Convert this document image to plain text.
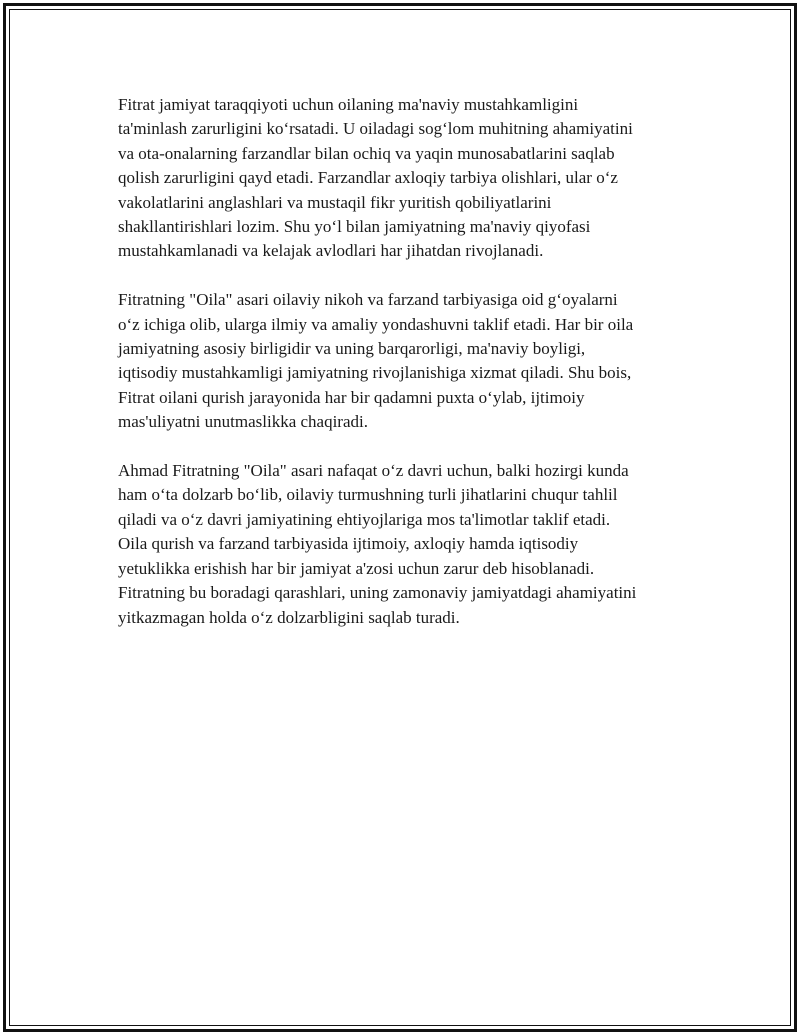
Fitrat jamiyat taraqqiyoti uchun oilaning ma'naviy mustahkamligini
ta'minlash zarurligini ko‘rsatadi. U oiladagi sog‘lom muhitning ahamiyatini
va ota-onalarning farzandlar bilan ochiq va yaqin munosabatlarini saqlab
qolish zarurligini qayd etadi. Farzandlar axloqiy tarbiya olishlari, ular o‘z
vakolatlarini anglashlari va mustaqil fikr yuritish qobiliyatlarini
shakllantirishlari lozim. Shu yo‘l bilan jamiyatning ma'naviy qiyofasi
mustahkamlanadi va kelajak avlodlari har jihatdan rivojlanadi.

Fitratning "Oila" asari oilaviy nikoh va farzand tarbiyasiga oid g‘oyalarni
o‘z ichiga olib, ularga ilmiy va amaliy yondashuvni taklif etadi. Har bir oila
jamiyatning asosiy birligidir va uning barqarorligi, ma'naviy boyligi,
iqtisodiy mustahkamligi jamiyatning rivojlanishiga xizmat qiladi. Shu bois,
Fitrat oilani qurish jarayonida har bir qadamni puxta o‘ylab, ijtimoiy
mas'uliyatni unutmaslikka chaqiradi.

Ahmad Fitratning "Oila" asari nafaqat o‘z davri uchun, balki hozirgi kunda
ham o‘ta dolzarb bo‘lib, oilaviy turmushning turli jihatlarini chuqur tahlil
qiladi va o‘z davri jamiyatining ehtiyojlariga mos ta'limotlar taklif etadi.
Oila qurish va farzand tarbiyasida ijtimoiy, axloqiy hamda iqtisodiy
yetuklikka erishish har bir jamiyat a'zosi uchun zarur deb hisoblanadi.
Fitratning bu boradagi qarashlari, uning zamonaviy jamiyatdagi ahamiyatini
yitkazmagan holda o‘z dolzarbligini saqlab turadi.
